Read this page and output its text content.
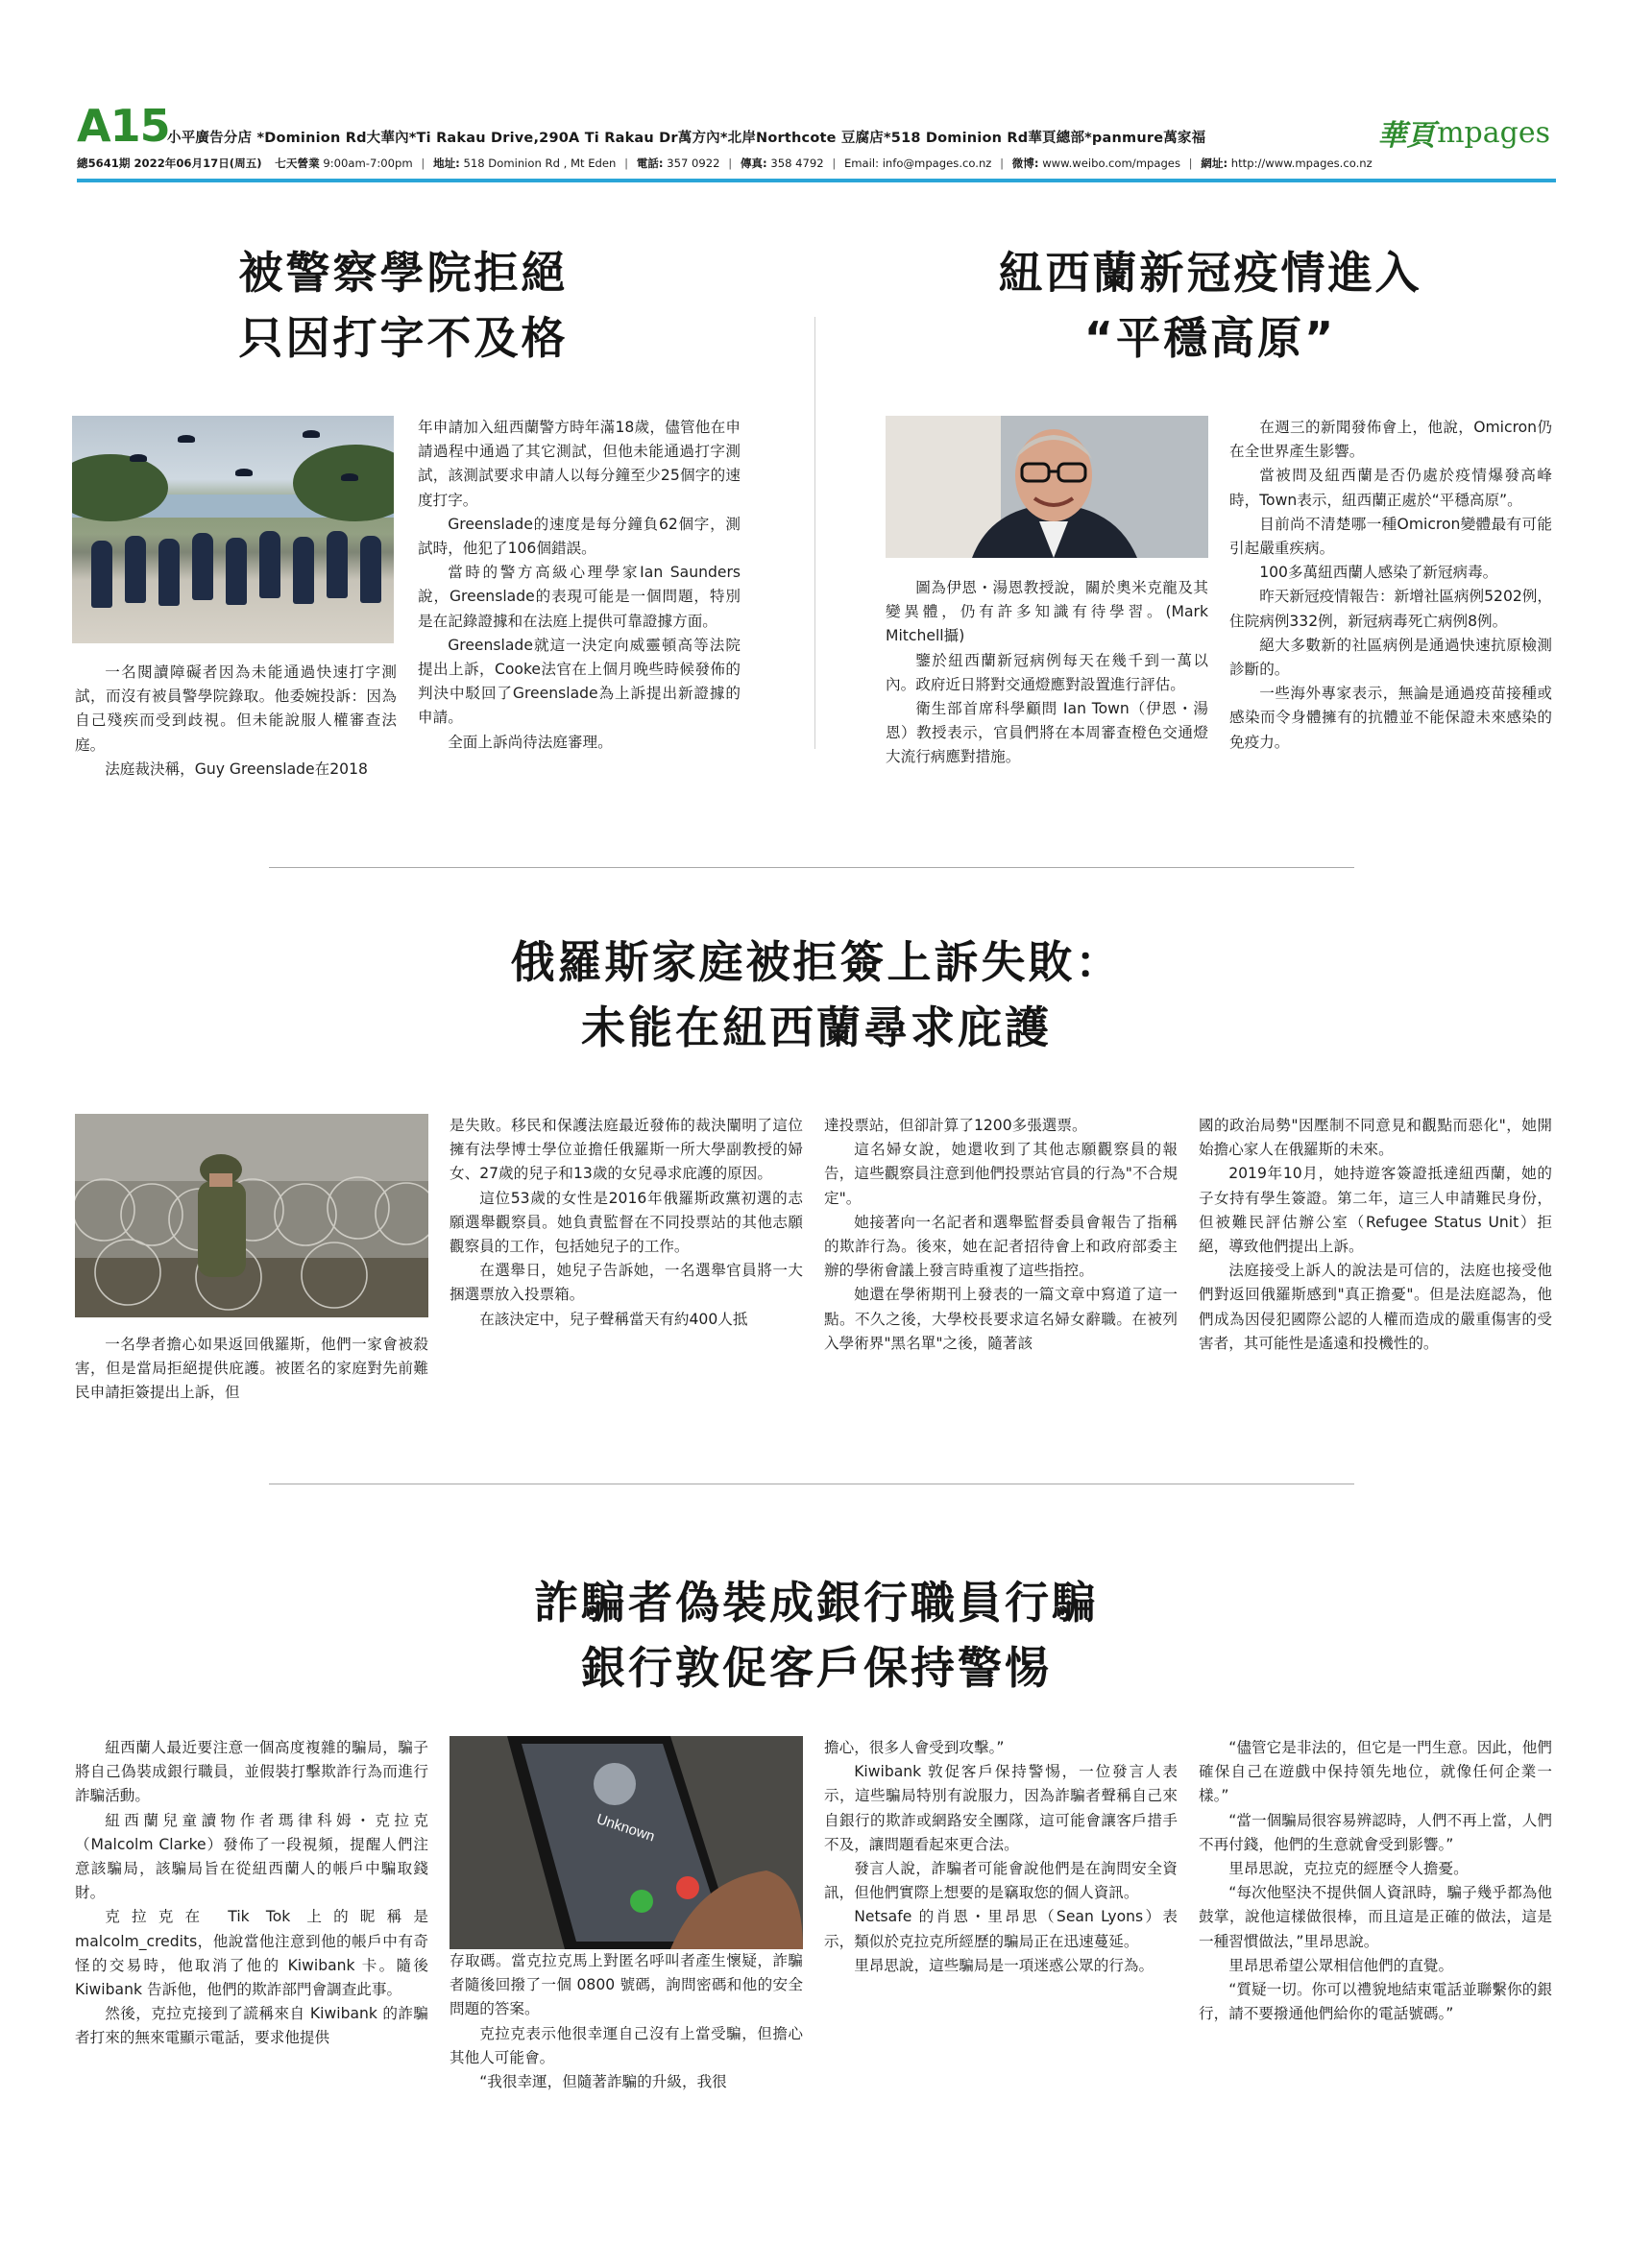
A15
小平廣告分店 *Dominion Rd大華內*Ti Rakau Drive,290A Ti Rakau Dr萬方內*北岸Northcote 豆腐店*518 Dominion Rd華頁總部*panmure萬家福	華頁 mpages
總5641期 2022年06月17日(周五) 七天營業 9:00am-7:00pm | 地址: 518 Dominion Rd , Mt Eden | 電話: 357 0922 | 傳真: 358 4792 | Email: info@mpages.co.nz | 微博: www.weibo.com/mpages | 網址: http://www.mpages.co.nz
被警察學院拒絕
只因打字不及格

一名閱讀障礙者因為未能通過快速打字測試，而沒有被員警學院錄取。他委婉投訴：因為自己殘疾而受到歧視。但未能說服人權審查法庭。

法庭裁決稱，Guy Greenslade在2018

年申請加入紐西蘭警方時年滿18歲，儘管他在申請過程中通過了其它測試，但他未能通過打字測試，該測試要求申請人以每分鐘至少25個字的速度打字。

Greenslade的速度是每分鐘負62個字，測試時，他犯了106個錯誤。

當時的警方高級心理學家Ian Saunders說，Greenslade的表現可能是一個問題，特別是在記錄證據和在法庭上提供可靠證據方面。

Greenslade就這一決定向威靈頓高等法院提出上訴，Cooke法官在上個月晚些時候發佈的判決中駁回了Greenslade為上訴提出新證據的申請。

全面上訴尚待法庭審理。

紐西蘭新冠疫情進入
“平穩高原”

圖為伊恩・湯恩教授說，關於奧米克龍及其變異體，仍有許多知識有待學習。(Mark Mitchell攝)

鑒於紐西蘭新冠病例每天在幾千到一萬以內。政府近日將對交通燈應對設置進行評估。

衛生部首席科學顧問 Ian Town（伊恩・湯恩）教授表示，官員們將在本周審查橙色交通燈大流行病應對措施。

在週三的新聞發佈會上，他說，Omicron仍在全世界產生影響。

當被問及紐西蘭是否仍處於疫情爆發高峰時，Town表示，紐西蘭正處於“平穩高原”。

目前尚不清楚哪一種Omicron變體最有可能引起嚴重疾病。

100多萬紐西蘭人感染了新冠病毒。

昨天新冠疫情報告：新增社區病例5202例，住院病例332例，新冠病毒死亡病例8例。

絕大多數新的社區病例是通過快速抗原檢測診斷的。

一些海外專家表示，無論是通過疫苗接種或感染而令身體擁有的抗體並不能保證未來感染的免疫力。

俄羅斯家庭被拒簽上訴失敗：
未能在紐西蘭尋求庇護

一名學者擔心如果返回俄羅斯，他們一家會被殺害，但是當局拒絕提供庇護。被匿名的家庭對先前難民申請拒簽提出上訴，但

是失敗。移民和保護法庭最近發佈的裁決闡明了這位擁有法學博士學位並擔任俄羅斯一所大學副教授的婦女、27歲的兒子和13歲的女兒尋求庇護的原因。

這位53歲的女性是2016年俄羅斯政黨初選的志願選舉觀察員。她負責監督在不同投票站的其他志願觀察員的工作，包括她兒子的工作。

在選舉日，她兒子告訴她，一名選舉官員將一大捆選票放入投票箱。

在該決定中，兒子聲稱當天有約400人抵

達投票站，但卻計算了1200多張選票。

這名婦女說，她還收到了其他志願觀察員的報告，這些觀察員注意到他們投票站官員的行為"不合規定"。

她接著向一名記者和選舉監督委員會報告了指稱的欺詐行為。後來，她在記者招待會上和政府部委主辦的學術會議上發言時重複了這些指控。

她還在學術期刊上發表的一篇文章中寫道了這一點。不久之後，大學校長要求這名婦女辭職。在被列入學術界"黑名單"之後，隨著該

國的政治局勢"因壓制不同意見和觀點而惡化"，她開始擔心家人在俄羅斯的未來。

2019年10月，她持遊客簽證抵達紐西蘭，她的子女持有學生簽證。第二年，這三人申請難民身份，但被難民評估辦公室（Refugee Status Unit）拒絕，導致他們提出上訴。

法庭接受上訴人的說法是可信的，法庭也接受他們對返回俄羅斯感到"真正擔憂"。但是法庭認為，他們成為因侵犯國際公認的人權而造成的嚴重傷害的受害者，其可能性是遙遠和投機性的。

詐騙者偽裝成銀行職員行騙
銀行敦促客戶保持警惕

紐西蘭人最近要注意一個高度複雜的騙局，騙子將自己偽裝成銀行職員，並假裝打擊欺詐行為而進行詐騙活動。

紐西蘭兒童讀物作者瑪律科姆・克拉克（Malcolm Clarke）發佈了一段視頻，提醒人們注意該騙局，該騙局旨在從紐西蘭人的帳戶中騙取錢財。

克拉克在 Tik Tok 上的昵稱是 malcolm_credits，他說當他注意到他的帳戶中有奇怪的交易時，他取消了他的 Kiwibank 卡。隨後 Kiwibank 告訴他，他們的欺詐部門會調查此事。

然後，克拉克接到了謊稱來自 Kiwibank 的詐騙者打來的無來電顯示電話，要求他提供

Unknown

存取碼。當克拉克馬上對匿名呼叫者產生懷疑，詐騙者隨後回撥了一個 0800 號碼，詢問密碼和他的安全問題的答案。

克拉克表示他很幸運自己沒有上當受騙，但擔心其他人可能會。

“我很幸運，但隨著詐騙的升級，我很

擔心，很多人會受到攻擊。”

Kiwibank 敦促客戶保持警惕，一位發言人表示，這些騙局特別有說服力，因為詐騙者聲稱自己來自銀行的欺詐或網路安全團隊，這可能會讓客戶措手不及，讓問題看起來更合法。

發言人說，詐騙者可能會說他們是在詢問安全資訊，但他們實際上想要的是竊取您的個人資訊。

Netsafe 的肖恩・里昂思（Sean Lyons）表示，類似於克拉克所經歷的騙局正在迅速蔓延。

里昂思說，這些騙局是一項迷惑公眾的行為。

“儘管它是非法的，但它是一門生意。因此，他們確保自己在遊戲中保持領先地位，就像任何企業一樣。”

“當一個騙局很容易辨認時，人們不再上當，人們不再付錢，他們的生意就會受到影響。”

里昂思說，克拉克的經歷令人擔憂。

“每次他堅決不提供個人資訊時，騙子幾乎都為他鼓掌，說他這樣做很棒，而且這是正確的做法，這是一種習慣做法，”里昂思說。

里昂思希望公眾相信他們的直覺。

“質疑一切。你可以禮貌地結束電話並聯繫你的銀行，請不要撥通他們給你的電話號碼。”
